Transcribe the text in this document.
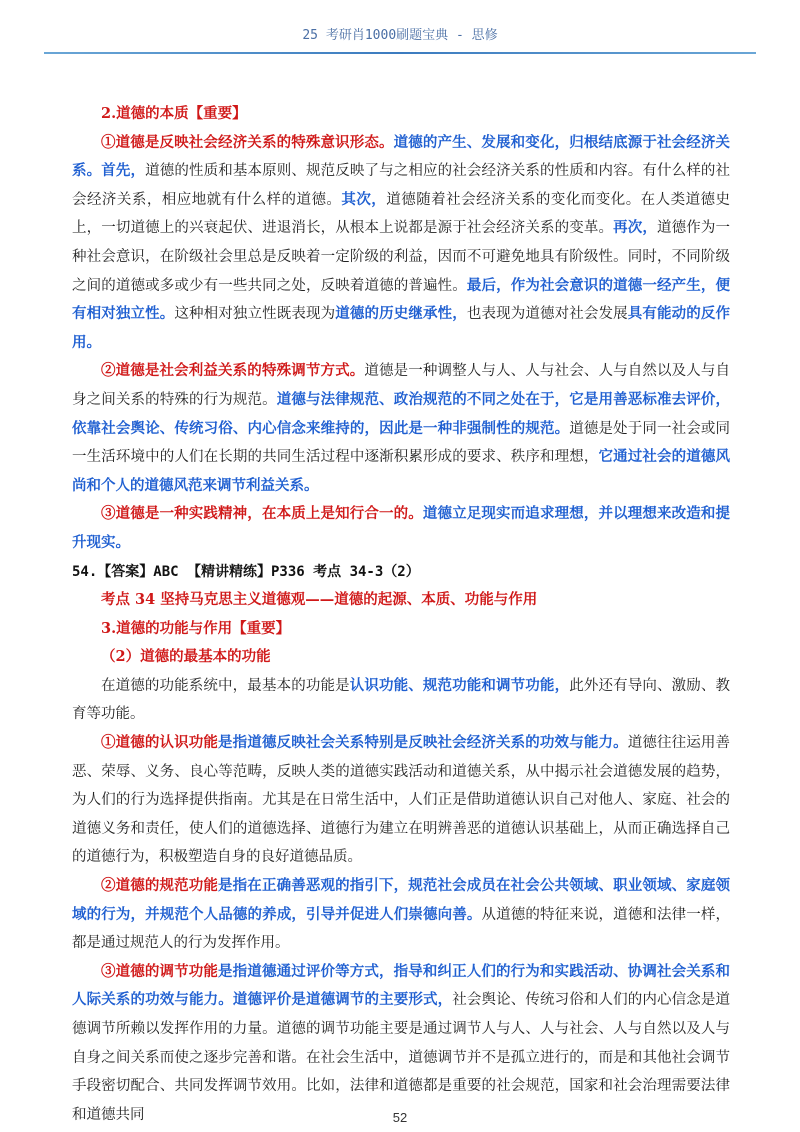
25 考研肖1000刷题宝典 - 思修

2.道德的本质【重要】

①道德是反映社会经济关系的特殊意识形态。道德的产生、发展和变化，归根结底源于社会经济关系。首先，道德的性质和基本原则、规范反映了与之相应的社会经济关系的性质和内容。有什么样的社会经济关系，相应地就有什么样的道德。其次，道德随着社会经济关系的变化而变化。在人类道德史上，一切道德上的兴衰起伏、进退消长，从根本上说都是源于社会经济关系的变革。再次，道德作为一种社会意识，在阶级社会里总是反映着一定阶级的利益，因而不可避免地具有阶级性。同时，不同阶级之间的道德或多或少有一些共同之处，反映着道德的普遍性。最后，作为社会意识的道德一经产生，便有相对独立性。这种相对独立性既表现为道德的历史继承性，也表现为道德对社会发展具有能动的反作用。

②道德是社会利益关系的特殊调节方式。道德是一种调整人与人、人与社会、人与自然以及人与自身之间关系的特殊的行为规范。道德与法律规范、政治规范的不同之处在于，它是用善恶标准去评价，依靠社会舆论、传统习俗、内心信念来维持的，因此是一种非强制性的规范。道德是处于同一社会或同一生活环境中的人们在长期的共同生活过程中逐渐积累形成的要求、秩序和理想，它通过社会的道德风尚和个人的道德风范来调节利益关系。

③道德是一种实践精神，在本质上是知行合一的。道德立足现实而追求理想，并以理想来改造和提升现实。

54.【答案】ABC 【精讲精练】P336 考点 34-3（2）

考点 34 坚持马克思主义道德观——道德的起源、本质、功能与作用

3.道德的功能与作用【重要】

（2）道德的最基本的功能

在道德的功能系统中，最基本的功能是认识功能、规范功能和调节功能，此外还有导向、激励、教育等功能。

①道德的认识功能是指道德反映社会关系特别是反映社会经济关系的功效与能力。道德往往运用善恶、荣辱、义务、良心等范畴，反映人类的道德实践活动和道德关系，从中揭示社会道德发展的趋势，为人们的行为选择提供指南。尤其是在日常生活中，人们正是借助道德认识自己对他人、家庭、社会的道德义务和责任，使人们的道德选择、道德行为建立在明辨善恶的道德认识基础上，从而正确选择自己的道德行为，积极塑造自身的良好道德品质。

②道德的规范功能是指在正确善恶观的指引下，规范社会成员在社会公共领域、职业领域、家庭领域的行为，并规范个人品德的养成，引导并促进人们崇德向善。从道德的特征来说，道德和法律一样，都是通过规范人的行为发挥作用。

③道德的调节功能是指道德通过评价等方式，指导和纠正人们的行为和实践活动、协调社会关系和人际关系的功效与能力。道德评价是道德调节的主要形式，社会舆论、传统习俗和人们的内心信念是道德调节所赖以发挥作用的力量。道德的调节功能主要是通过调节人与人、人与社会、人与自然以及人与自身之间关系而使之逐步完善和谐。在社会生活中，道德调节并不是孤立进行的，而是和其他社会调节手段密切配合、共同发挥调节效用。比如，法律和道德都是重要的社会规范，国家和社会治理需要法律和道德共同	52
